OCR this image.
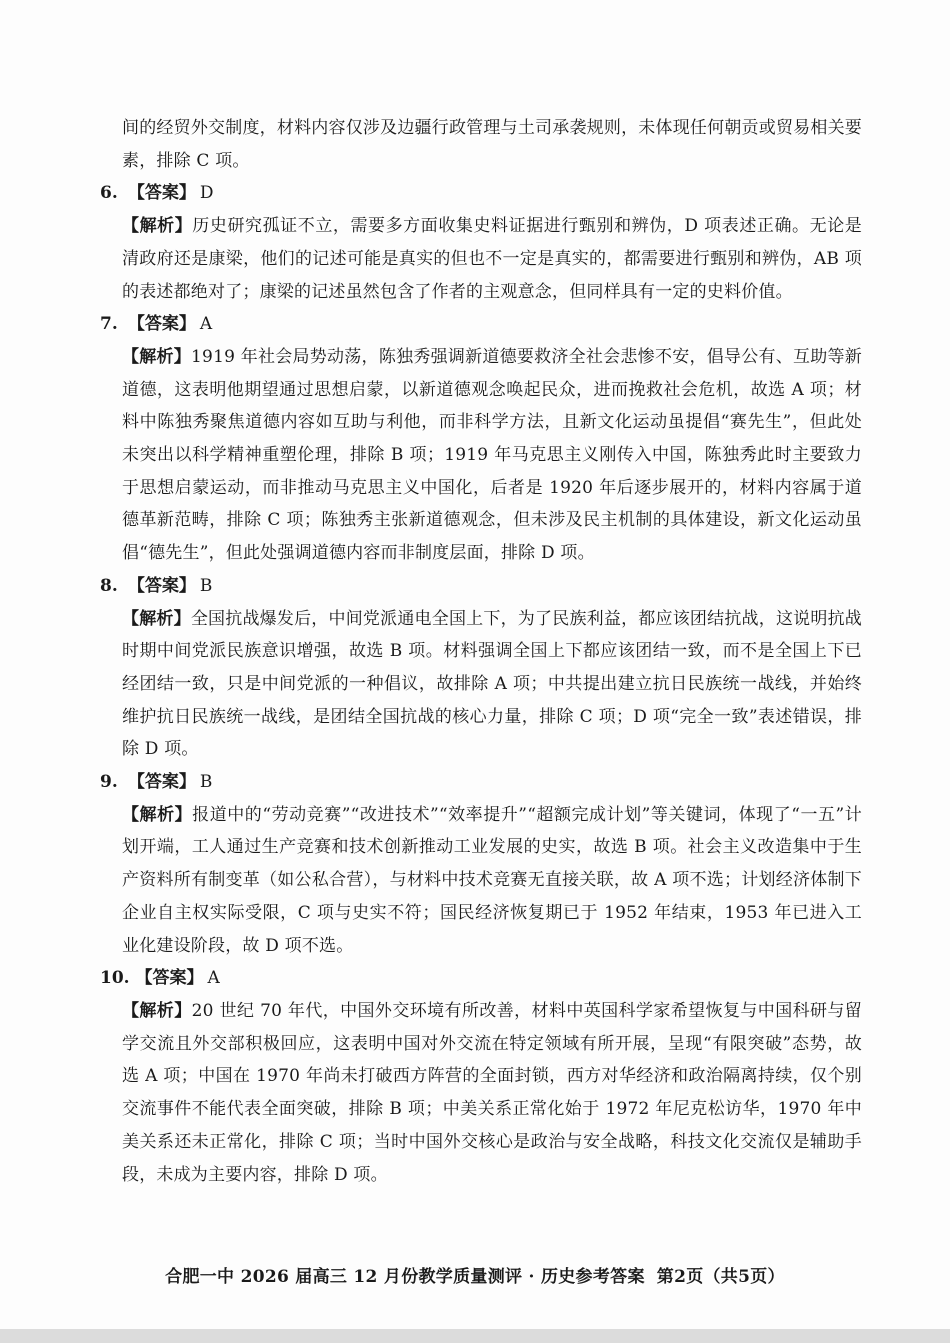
间的经贸外交制度，材料内容仅涉及边疆行政管理与土司承袭规则，未体现任何朝贡或贸易相关要素，排除 C 项。

6. 【答案】 D

【解析】历史研究孤证不立，需要多方面收集史料证据进行甄别和辨伪，D 项表述正确。无论是清政府还是康梁，他们的记述可能是真实的但也不一定是真实的，都需要进行甄别和辨伪，AB 项的表述都绝对了；康梁的记述虽然包含了作者的主观意念，但同样具有一定的史料价值。

7. 【答案】 A

【解析】1919 年社会局势动荡，陈独秀强调新道德要救济全社会悲惨不安，倡导公有、互助等新道德，这表明他期望通过思想启蒙，以新道德观念唤起民众，进而挽救社会危机，故选 A 项；材料中陈独秀聚焦道德内容如互助与利他，而非科学方法，且新文化运动虽提倡“赛先生”，但此处未突出以科学精神重塑伦理，排除 B 项；1919 年马克思主义刚传入中国，陈独秀此时主要致力于思想启蒙运动，而非推动马克思主义中国化，后者是 1920 年后逐步展开的，材料内容属于道德革新范畴，排除 C 项；陈独秀主张新道德观念，但未涉及民主机制的具体建设，新文化运动虽倡“德先生”，但此处强调道德内容而非制度层面，排除 D 项。

8. 【答案】 B

【解析】全国抗战爆发后，中间党派通电全国上下，为了民族利益，都应该团结抗战，这说明抗战时期中间党派民族意识增强，故选 B 项。材料强调全国上下都应该团结一致，而不是全国上下已经团结一致，只是中间党派的一种倡议，故排除 A 项；中共提出建立抗日民族统一战线，并始终维护抗日民族统一战线，是团结全国抗战的核心力量，排除 C 项；D 项“完全一致”表述错误，排除 D 项。

9. 【答案】 B

【解析】报道中的“劳动竞赛”“改进技术”“效率提升”“超额完成计划”等关键词，体现了“一五”计划开端，工人通过生产竞赛和技术创新推动工业发展的史实，故选 B 项。社会主义改造集中于生产资料所有制变革（如公私合营），与材料中技术竞赛无直接关联，故 A 项不选；计划经济体制下企业自主权实际受限，C 项与史实不符；国民经济恢复期已于 1952 年结束，1953 年已进入工业化建设阶段，故 D 项不选。

10. 【答案】 A

【解析】20 世纪 70 年代，中国外交环境有所改善，材料中英国科学家希望恢复与中国科研与留学交流且外交部积极回应，这表明中国对外交流在特定领域有所开展，呈现“有限突破”态势，故选 A 项；中国在 1970 年尚未打破西方阵营的全面封锁，西方对华经济和政治隔离持续，仅个别交流事件不能代表全面突破，排除 B 项；中美关系正常化始于 1972 年尼克松访华，1970 年中美关系还未正常化，排除 C 项；当时中国外交核心是政治与安全战略，科技文化交流仅是辅助手段，未成为主要内容，排除 D 项。

合肥一中 2026 届高三 12 月份教学质量测评 · 历史参考答案 第2页（共5页）
